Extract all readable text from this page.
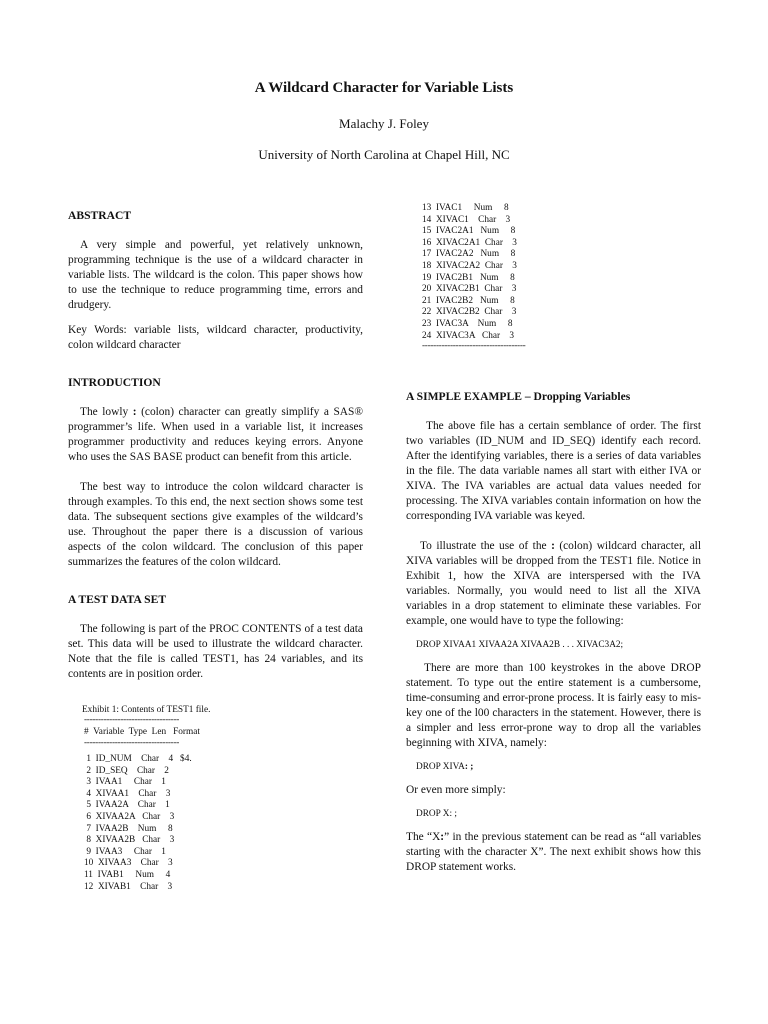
A Wildcard Character for Variable Lists
Malachy J. Foley
University of North Carolina at Chapel Hill, NC
ABSTRACT

A very simple and powerful, yet relatively unknown, programming technique is the use of a wildcard character in variable lists. The wildcard is the colon. This paper shows how to use the technique to reduce programming time, errors and drudgery.

Key Words: variable lists, wildcard character, productivity, colon wildcard character

INTRODUCTION

The lowly : (colon) character can greatly simplify a SAS® programmer’s life. When used in a variable list, it increases programmer productivity and reduces keying errors. Anyone who uses the SAS BASE product can benefit from this article.

The best way to introduce the colon wildcard character is through examples. To this end, the next section shows some test data. The subsequent sections give examples of the wildcard’s use. Throughout the paper there is a discussion of various aspects of the colon wildcard. The conclusion of this paper summarizes the features of the colon wildcard.

A TEST DATA SET

The following is part of the PROC CONTENTS of a test data set. This data will be used to illustrate the wildcard character. Note that the file is called TEST1, has 24 variables, and its contents are in position order.

Exhibit 1: Contents of TEST1 file.
----------------------------------
#  Variable  Type  Len   Format
----------------------------------
1  ID_NUM    Char    4   $4.
2  ID_SEQ    Char    2
3  IVAA1     Char    1
4  XIVAA1    Char    3
5  IVAA2A    Char    1
6  XIVAA2A   Char    3
7  IVAA2B    Num     8
8  XIVAA2B   Char    3
9  IVAA3     Char    1
10  XIVAA3    Char    3
11  IVAB1     Num     4
12  XIVAB1    Char    3
13  IVAC1     Num     8
14  XIVAC1    Char    3
15  IVAC2A1   Num     8
16  XIVAC2A1  Char    3
17  IVAC2A2   Num     8
18  XIVAC2A2  Char    3
19  IVAC2B1   Num     8
20  XIVAC2B1  Char    3
21  IVAC2B2   Num     8
22  XIVAC2B2  Char    3
23  IVAC3A    Num     8
24  XIVAC3A   Char    3
-------------------------------------
A SIMPLE EXAMPLE – Dropping Variables

The above file has a certain semblance of order. The first two variables (ID_NUM and ID_SEQ) identify each record. After the identifying variables, there is a series of data variables in the file. The data variable names all start with either IVA or XIVA. The IVA variables are actual data values needed for processing. The XIVA variables contain information on how the corresponding IVA variable was keyed.

To illustrate the use of the : (colon) wildcard character, all XIVA variables will be dropped from the TEST1 file. Notice in Exhibit 1, how the XIVA are interspersed with the IVA variables. Normally, you would need to list all the XIVA variables in a drop statement to eliminate these variables. For example, one would have to type the following:

DROP XIVAA1 XIVAA2A XIVAA2B . . . XIVAC3A2;

There are more than 100 keystrokes in the above DROP statement. To type out the entire statement is a cumbersome, time-consuming and error-prone process. It is fairly easy to mis-key one of the l00 characters in the statement. However, there is a simpler and less error-prone way to drop all the variables beginning with XIVA, namely:

DROP XIVA: ;

Or even more simply:

DROP X: ;

The “X:” in the previous statement can be read as “all variables starting with the character X”. The next exhibit shows how this DROP statement works.
